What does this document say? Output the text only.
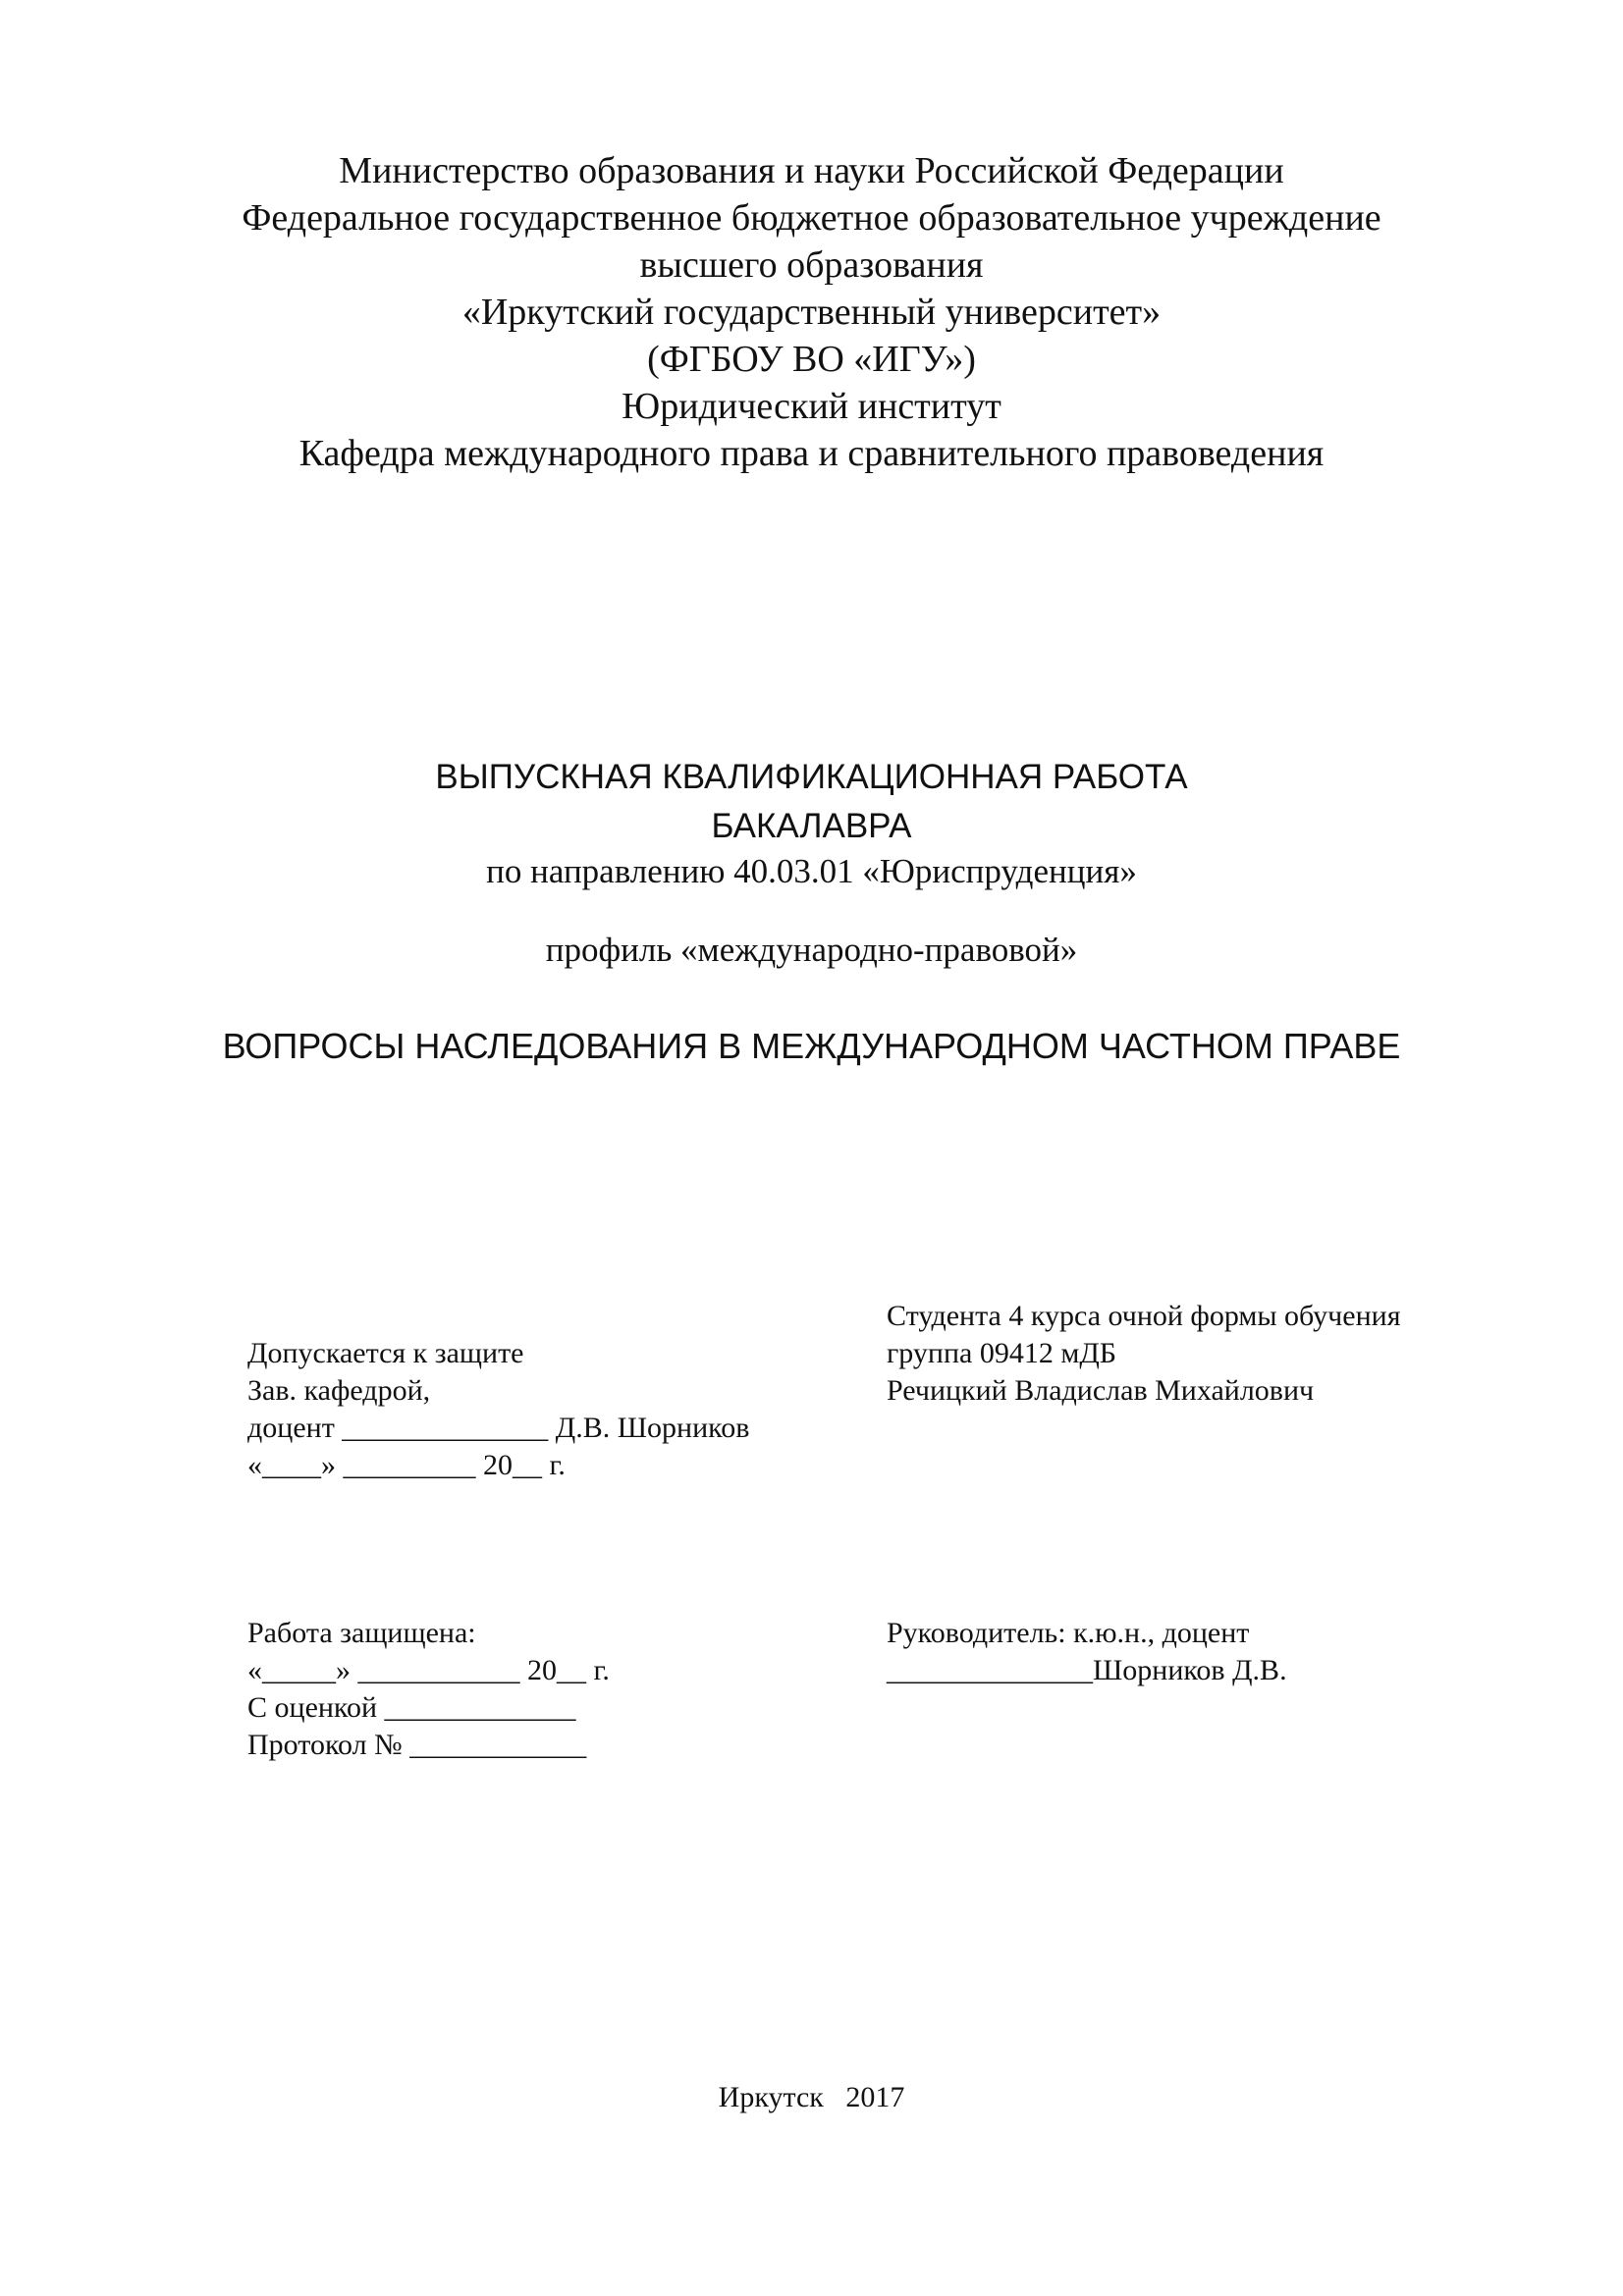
Министерство образования и науки Российской Федерации
Федеральное государственное бюджетное образовательное учреждение
высшего образования
«Иркутский государственный университет»
(ФГБОУ ВО «ИГУ»)
Юридический институт
Кафедра международного права и сравнительного правоведения
ВЫПУСКНАЯ КВАЛИФИКАЦИОННАЯ РАБОТА
БАКАЛАВРА
по направлению 40.03.01 «Юриспруденция»
профиль «международно-правовой»
ВОПРОСЫ НАСЛЕДОВАНИЯ В МЕЖДУНАРОДНОМ ЧАСТНОМ ПРАВЕ
Допускается к защите
Зав. кафедрой,
доцент ______________ Д.В. Шорников
«____» _________ 20__ г.
Студента 4 курса очной формы обучения
группа 09412 мДБ
Речицкий Владислав Михайлович
Работа защищена:
«_____» ___________ 20__ г.
С оценкой _____________
Протокол № ____________
Руководитель: к.ю.н., доцент
______________Шорников Д.В.
Иркутск   2017
